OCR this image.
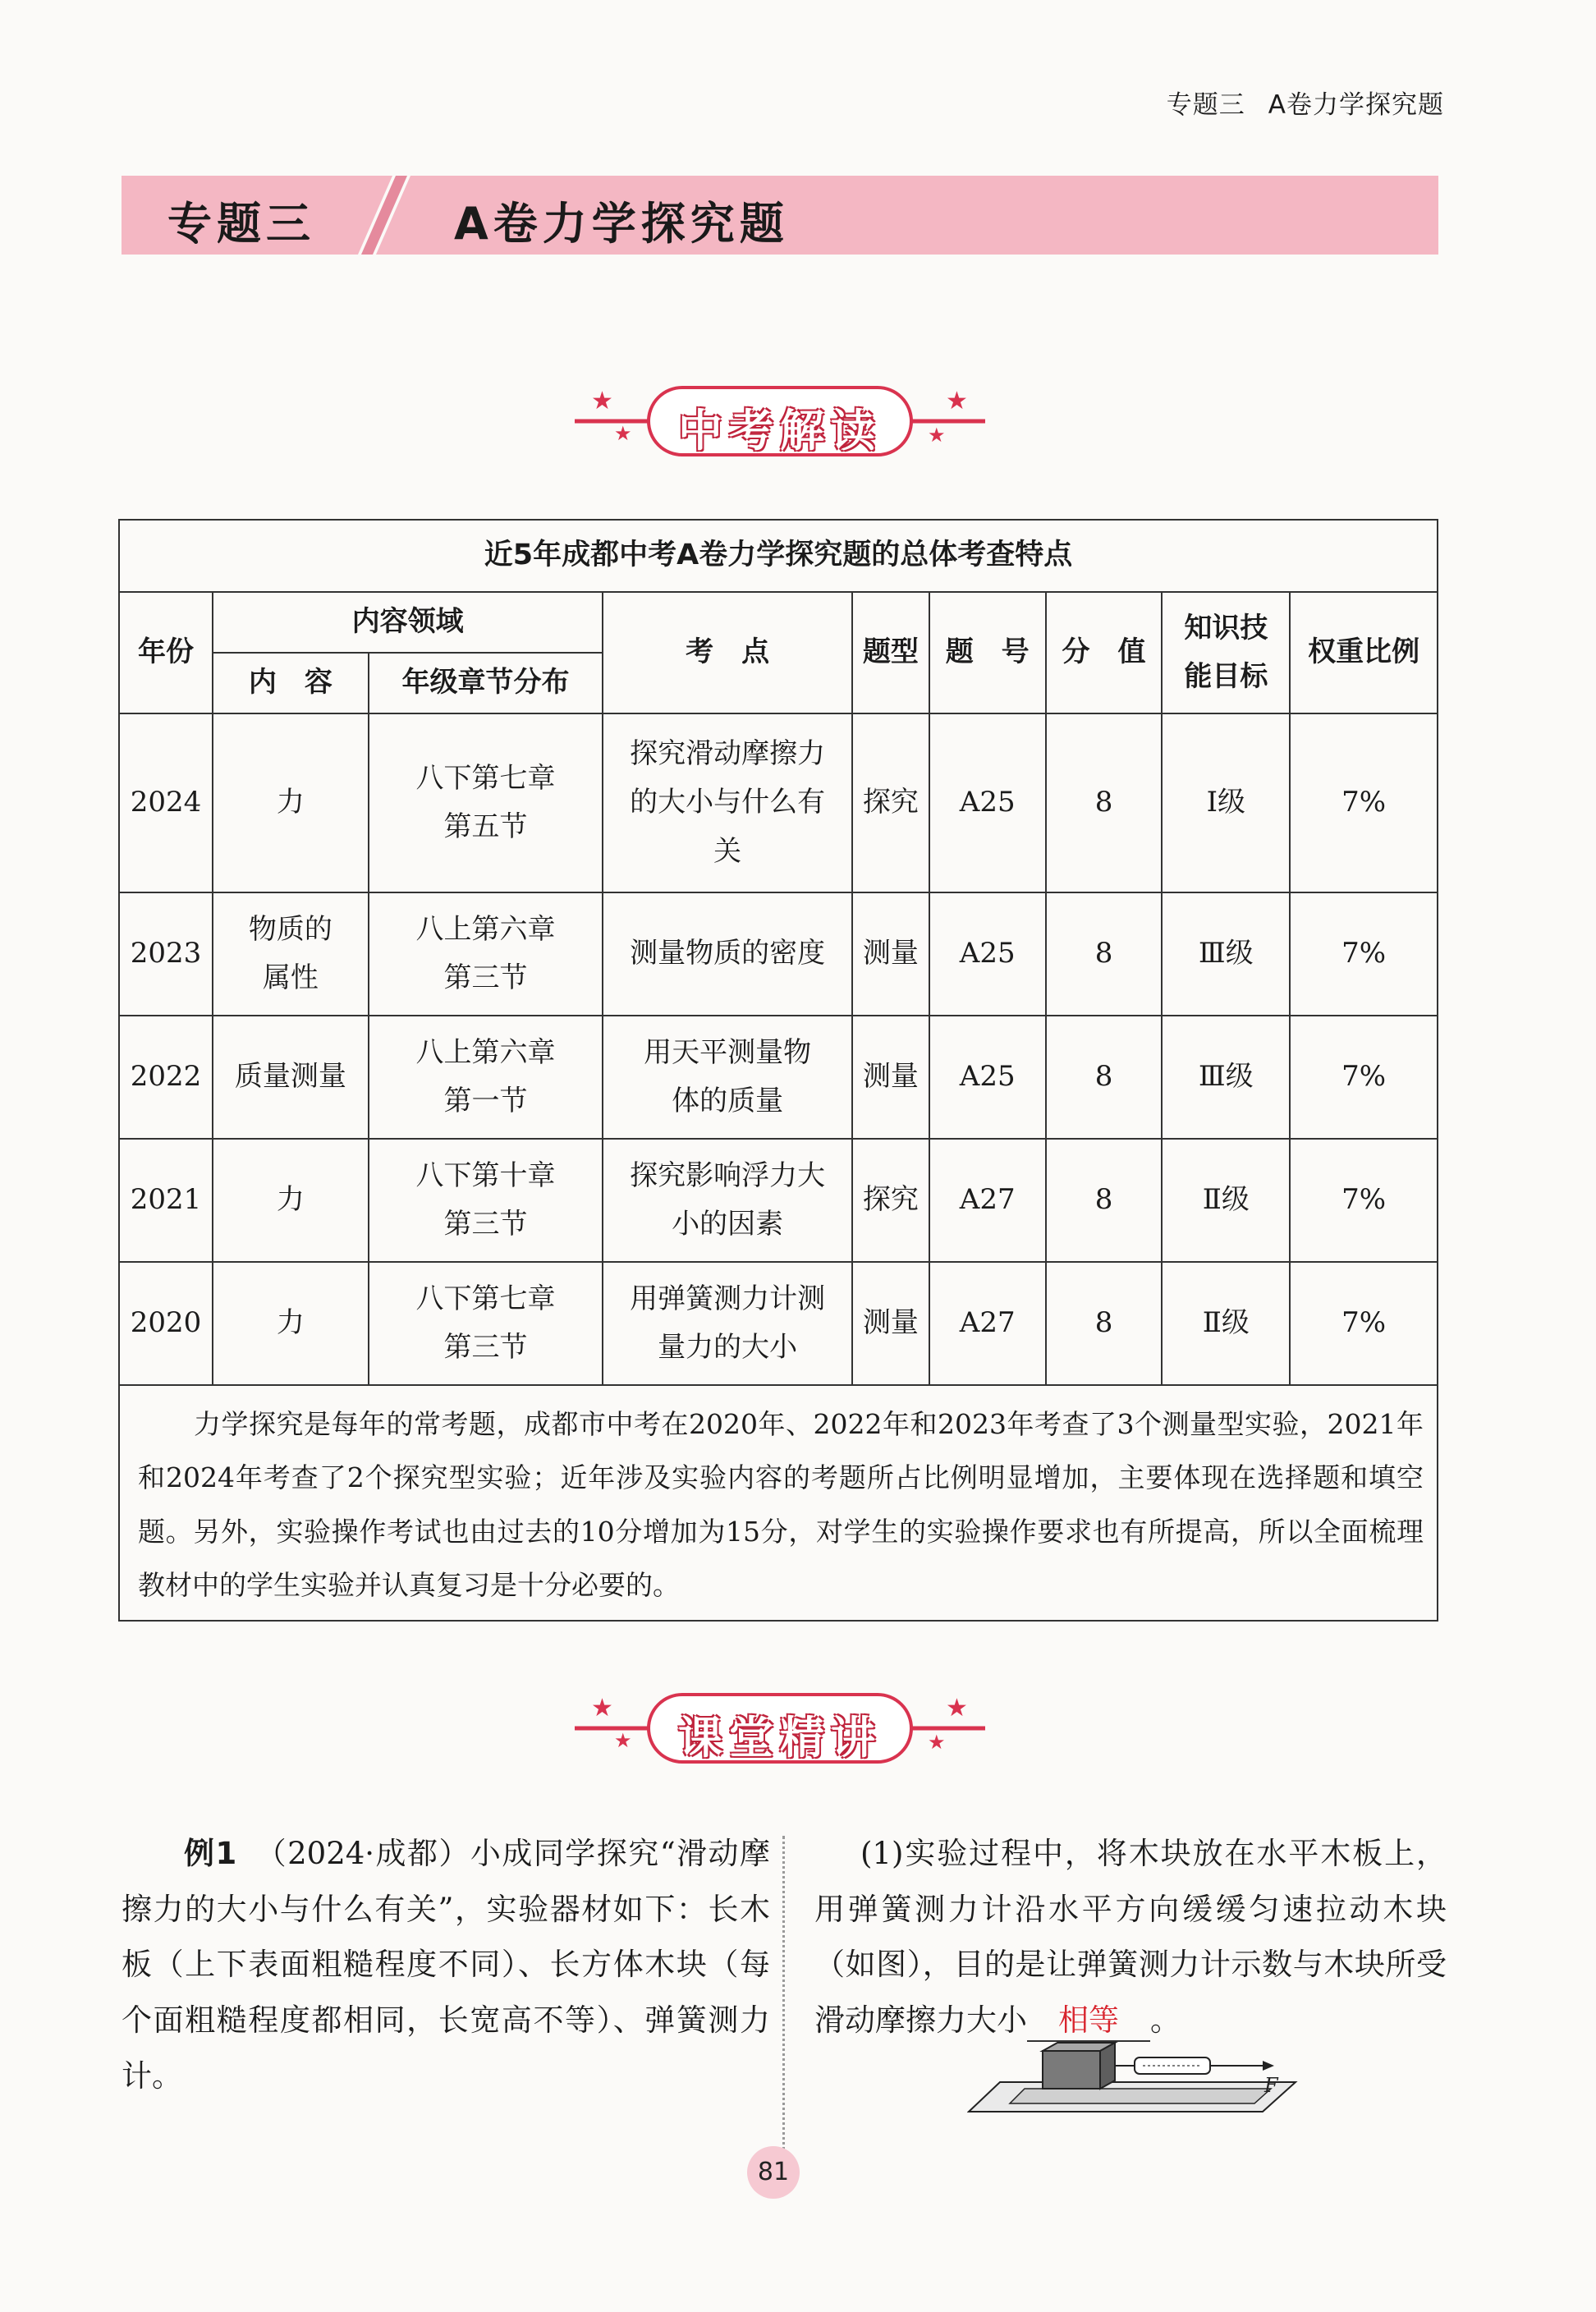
专题三 A卷力学探究题
专题三	A卷力学探究题
★
★
★
★
中考解读
近5年成都中考A卷力学探究题的总体考查特点								
年份	内容领域		考　点	题型	题　号	分　值	知识技能目标	权重比例
	内　容	年级章节分布						
2024	力	八下第七章第五节	探究滑动摩擦力的大小与什么有关	探究	A25	8	Ⅰ级	7%
2023	物质的属性	八上第六章第三节	测量物质的密度	测量	A25	8	Ⅲ级	7%
2022	质量测量	八上第六章第一节	用天平测量物体的质量	测量	A25	8	Ⅲ级	7%
2021	力	八下第十章第三节	探究影响浮力大小的因素	探究	A27	8	Ⅱ级	7%
2020	力	八下第七章第三节	用弹簧测力计测量力的大小	测量	A27	8	Ⅱ级	7%
力学探究是每年的常考题，成都市中考在2020年、2022年和2023年考查了3个测量型实验，2021年和2024年考查了2个探究型实验；近年涉及实验内容的考题所占比例明显增加，主要体现在选择题和填空题。另外，实验操作考试也由过去的10分增加为15分，对学生的实验操作要求也有所提高，所以全面梳理教材中的学生实验并认真复习是十分必要的。								
★
★
★
★
课堂精讲
例1 （2024·成都）小成同学探究“滑动摩擦力的大小与什么有关”，实验器材如下：长木板（上下表面粗糙程度不同）、长方体木块（每个面粗糙程度都相同，长宽高不等）、弹簧测力计。
(1)实验过程中，将木块放在水平木板上，用弹簧测力计沿水平方向缓缓匀速拉动木块（如图），目的是让弹簧测力计示数与木块所受滑动摩擦力大小 相等 。
F
81
